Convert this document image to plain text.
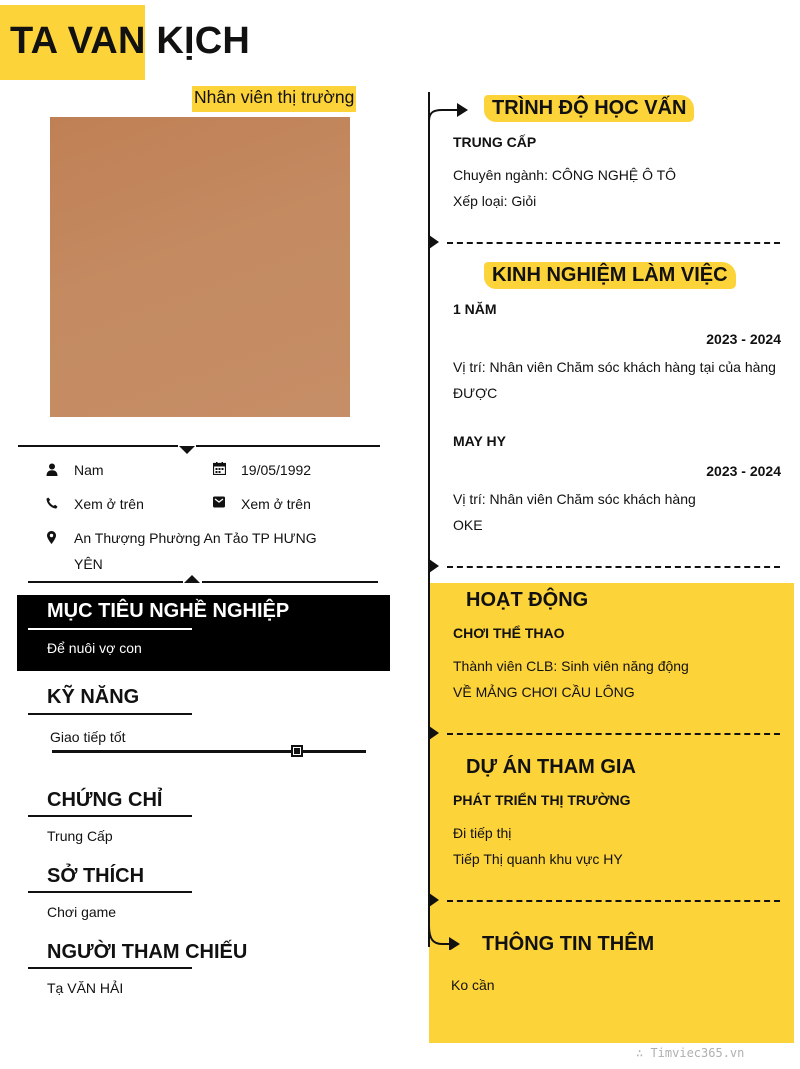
TA VAN KỊCH
Nhân viên thị trường
Nam	19/05/1992
Xem ở trên	Xem ở trên
An Thượng Phường An Tảo TP HƯNG
YÊN
MỤC TIÊU NGHỀ NGHIỆP
Để nuôi vợ con
KỸ NĂNG
Giao tiếp tốt
CHỨNG CHỈ
Trung Cấp
SỞ THÍCH
Chơi game
NGƯỜI THAM CHIẾU
Tạ VĂN HẢI
TRÌNH ĐỘ HỌC VẤN
TRUNG CẤP
Chuyên ngành: CÔNG NGHỆ Ô TÔ
Xếp loại: Giỏi
KINH NGHIỆM LÀM VIỆC
1 NĂM
2023 - 2024
Vị trí: Nhân viên Chăm sóc khách hàng tại của hàng
ĐƯỢC
MAY HY
2023 - 2024
Vị trí: Nhân viên Chăm sóc khách hàng
OKE
HOẠT ĐỘNG
CHƠI THỂ THAO
Thành viên CLB: Sinh viên năng động
VỀ MẢNG CHƠI CẦU LÔNG
DỰ ÁN THAM GIA
PHÁT TRIỂN THỊ TRƯỜNG
Đi tiếp thị
Tiếp Thị quanh khu vực HY
THÔNG TIN THÊM
Ko cần
∴ Timviec365.vn
